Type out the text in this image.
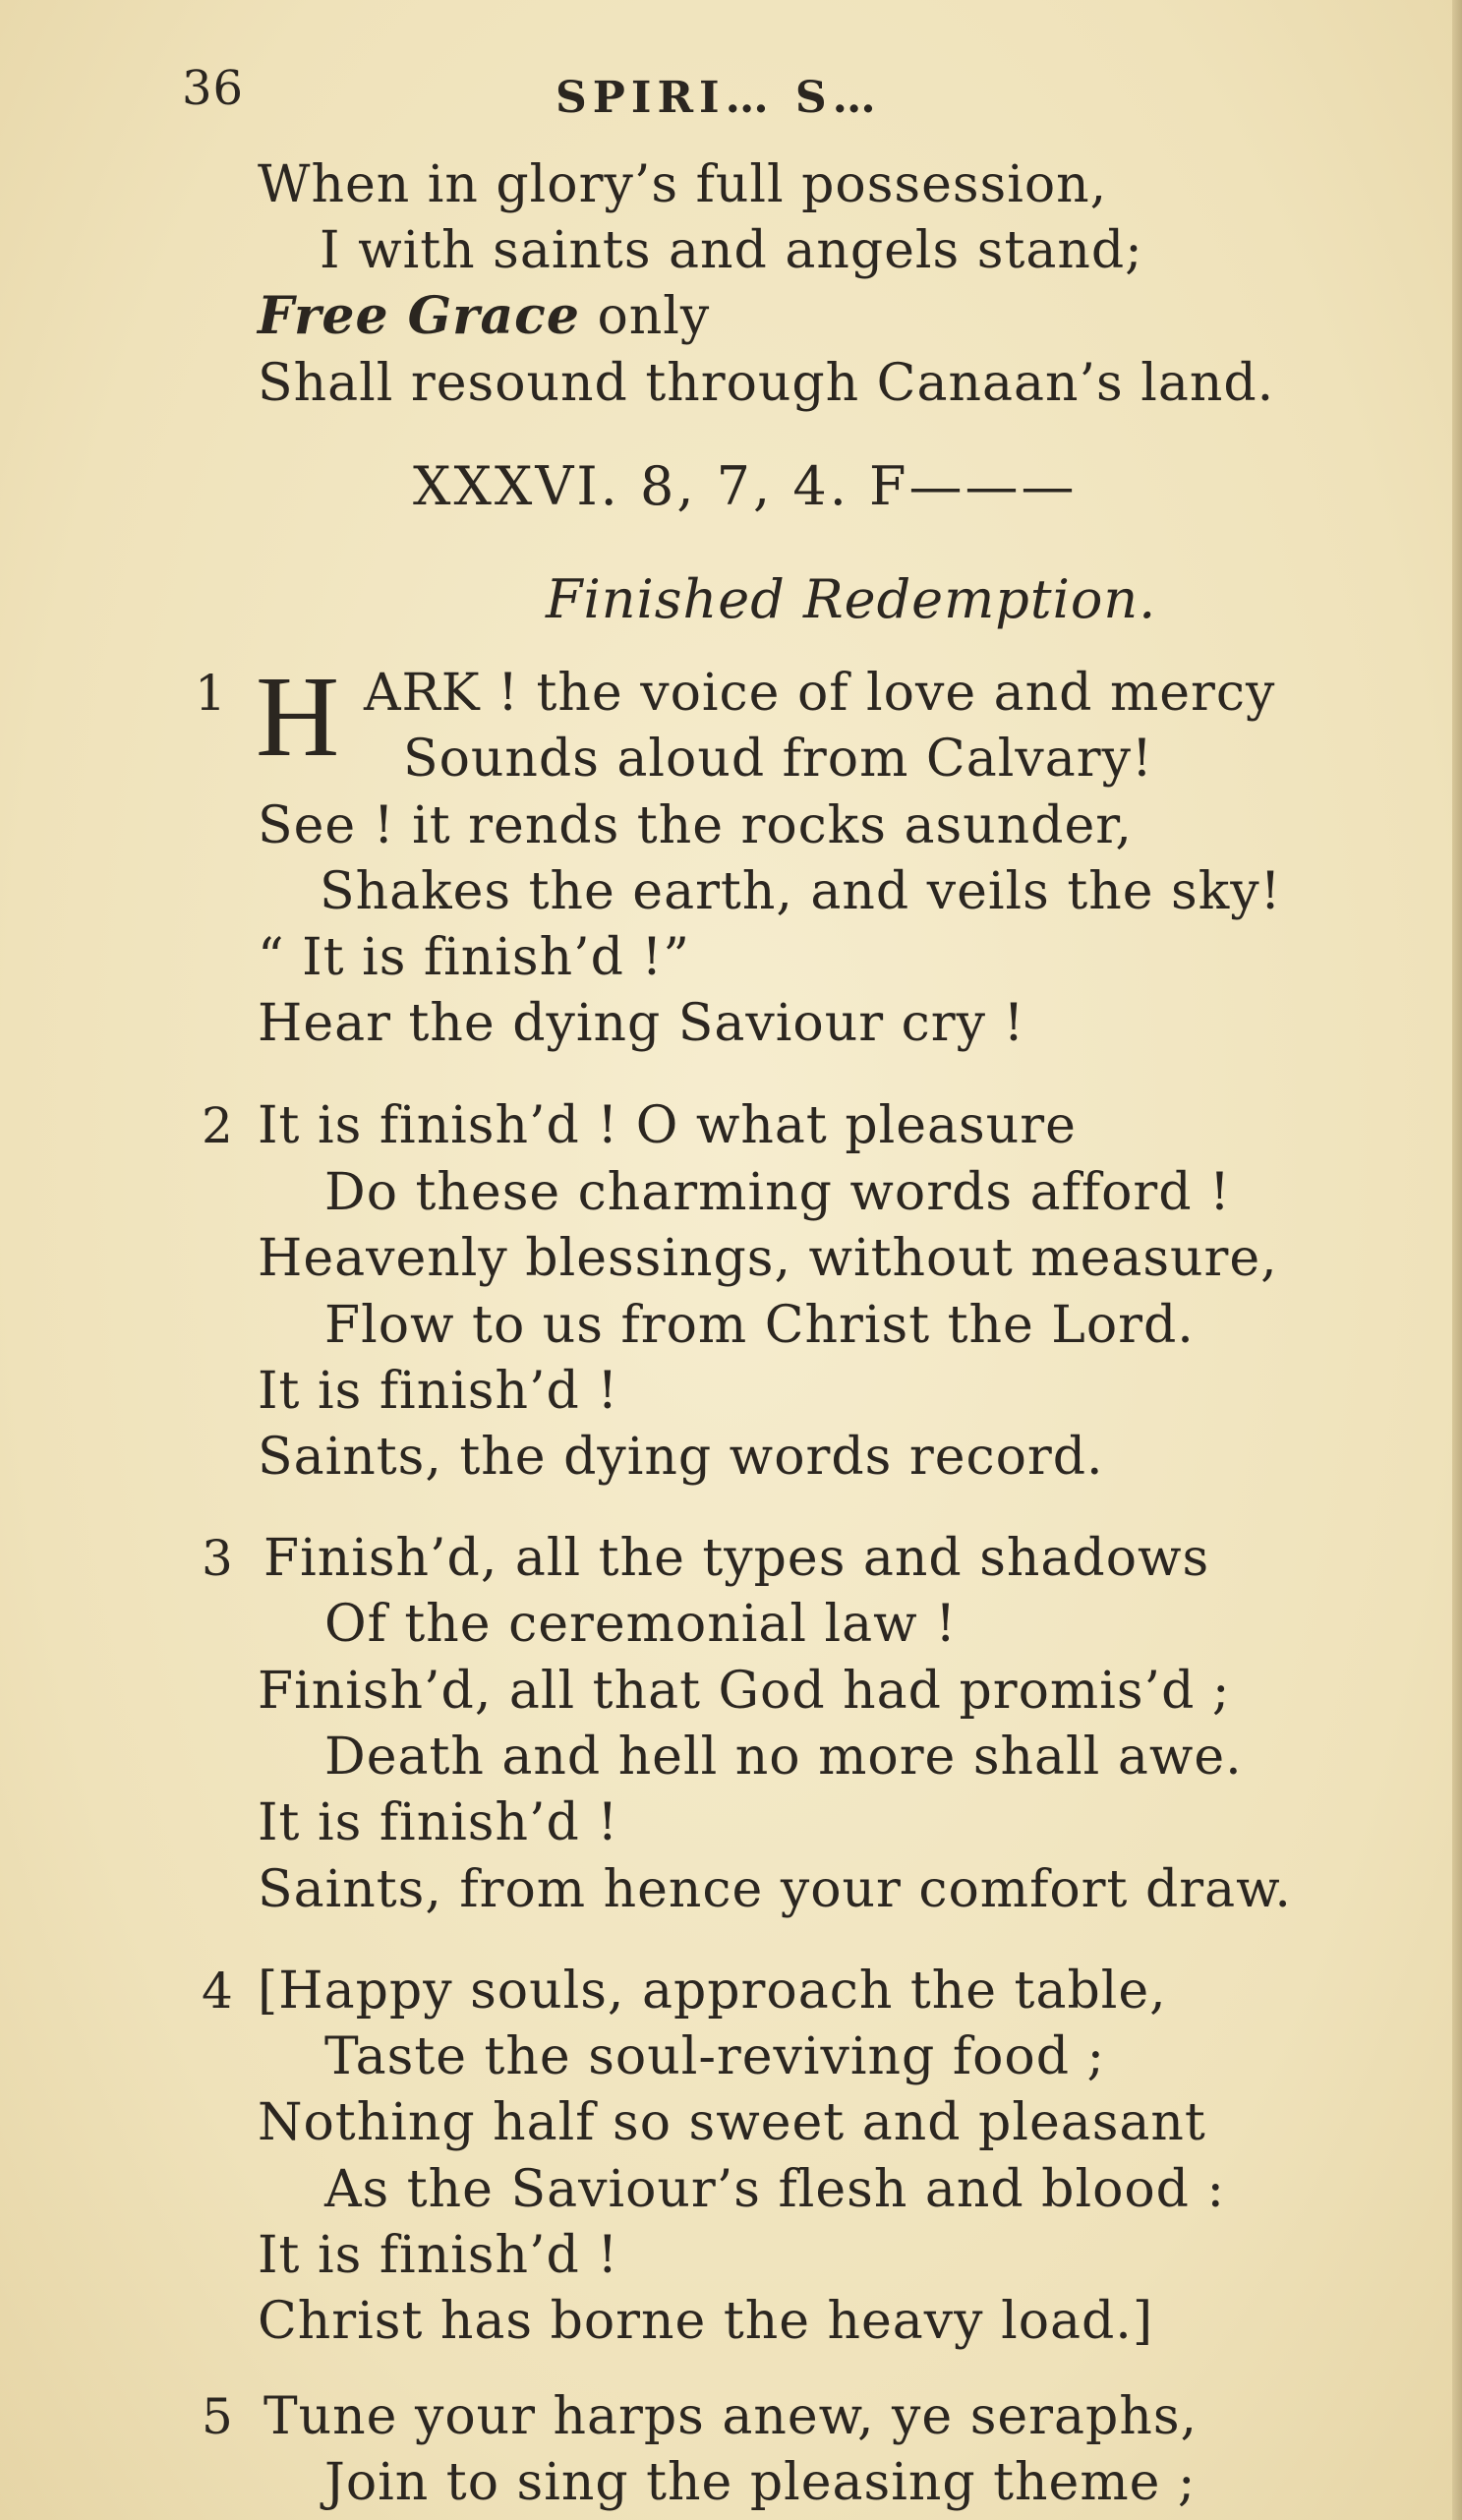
36	SPIRI… S…
When in glory’s full possession,
I with saints and angels stand;
Free Grace only
Shall resound through Canaan’s land.
XXXVI. 8, 7, 4. F———
Finished Redemption.
1 H ARK ! the voice of love and mercy
Sounds aloud from Calvary!
See ! it rends the rocks asunder,
Shakes the earth, and veils the sky!
“ It is finish’d !”
Hear the dying Saviour cry !
2 It is finish’d ! O what pleasure
Do these charming words afford !
Heavenly blessings, without measure,
Flow to us from Christ the Lord.
It is finish’d !
Saints, the dying words record.
3 Finish’d, all the types and shadows
Of the ceremonial law !
Finish’d, all that God had promis’d ;
Death and hell no more shall awe.
It is finish’d !
Saints, from hence your comfort draw.
4 [Happy souls, approach the table,
Taste the soul-reviving food ;
Nothing half so sweet and pleasant
As the Saviour’s flesh and blood :
It is finish’d !
Christ has borne the heavy load.]
5 Tune your harps anew, ye seraphs,
Join to sing the pleasing theme ;
